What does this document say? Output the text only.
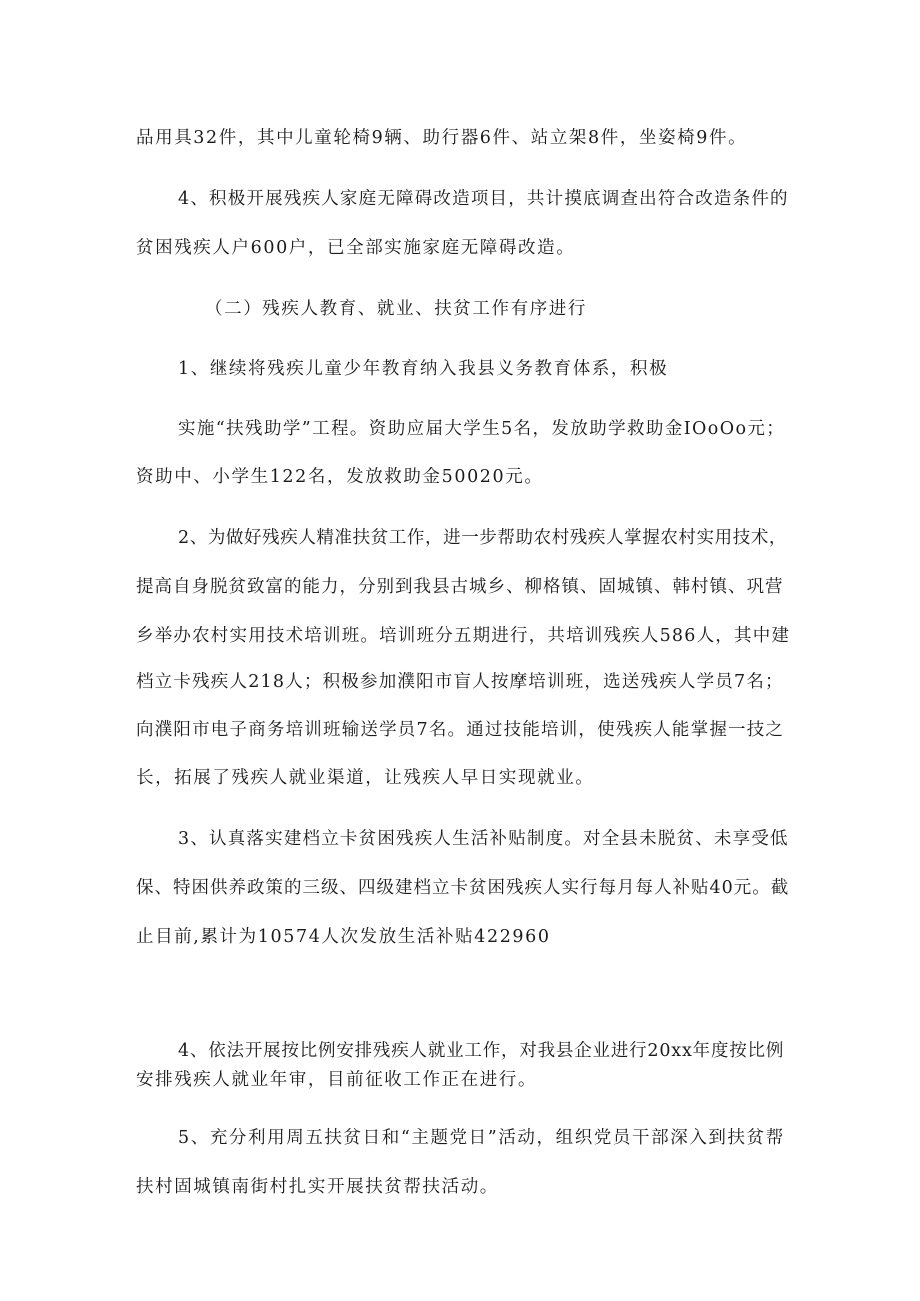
品用具32件，其中儿童轮椅9辆、助行器6件、站立架8件，坐姿椅9件。
4、积极开展残疾人家庭无障碍改造项目，共计摸底调查出符合改造条件的
贫困残疾人户600户，已全部实施家庭无障碍改造。
（二）残疾人教育、就业、扶贫工作有序进行
1、继续将残疾儿童少年教育纳入我县义务教育体系，积极
实施“扶残助学”工程。资助应届大学生5名，发放助学救助金IOoOo元；
资助中、小学生122名，发放救助金50020元。
2、为做好残疾人精准扶贫工作，进一步帮助农村残疾人掌握农村实用技术，
提高自身脱贫致富的能力，分别到我县古城乡、柳格镇、固城镇、韩村镇、巩营
乡举办农村实用技术培训班。培训班分五期进行，共培训残疾人586人，其中建
档立卡残疾人218人；积极参加濮阳市盲人按摩培训班，选送残疾人学员7名；
向濮阳市电子商务培训班输送学员7名。通过技能培训，使残疾人能掌握一技之
长，拓展了残疾人就业渠道，让残疾人早日实现就业。
3、认真落实建档立卡贫困残疾人生活补贴制度。对全县未脱贫、未享受低
保、特困供养政策的三级、四级建档立卡贫困残疾人实行每月每人补贴40元。截
止目前,累计为10574人次发放生活补贴422960
4、依法开展按比例安排残疾人就业工作，对我县企业进行20xx年度按比例
安排残疾人就业年审，目前征收工作正在进行。
5、充分利用周五扶贫日和“主题党日”活动，组织党员干部深入到扶贫帮
扶村固城镇南街村扎实开展扶贫帮扶活动。
